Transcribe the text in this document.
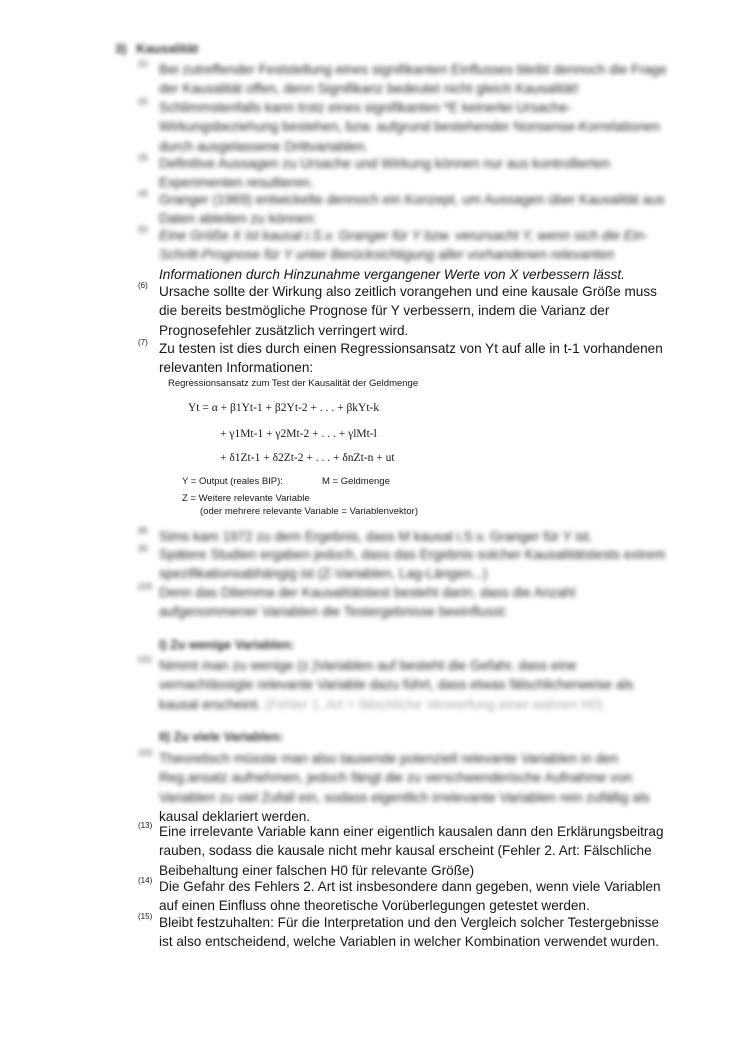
3) Kausalität
(1) Bei zutreffender Feststellung eines signifikanten Einflusses bleibt dennoch die Frage
der Kausalität offen, denn Signifikanz bedeutet nicht gleich Kausalität!
(2) Schlimmstenfalls kann trotz eines signifikanten *E keinerlei Ursache-
Wirkungsbeziehung bestehen, bzw. aufgrund bestehender Nonsense-Korrelationen
durch ausgelassene Drittvariablen.
(3) Definitive Aussagen zu Ursache und Wirkung können nur aus kontrollierten
Experimenten resultieren.
(4) Granger (1969) entwickelte dennoch ein Konzept, um Aussagen über Kausalität aus
Daten ableiten zu können:
(5) Eine Größe X ist kausal i.S.v. Granger für Y bzw. verursacht Y, wenn sich die Ein-
Schritt-Prognose für Y unter Berücksichtigung aller vorhandenen relevanten
Informationen durch Hinzunahme vergangener Werte von X verbessern lässt.
(6) Ursache sollte der Wirkung also zeitlich vorangehen und eine kausale Größe muss
die bereits bestmögliche Prognose für Y verbessern, indem die Varianz der
Prognosefehler zusätzlich verringert wird.
(7) Zu testen ist dies durch einen Regressionsansatz von Yt auf alle in t-1 vorhandenen
relevanten Informationen:
Regressionsansatz zum Test der Kausalität der Geldmenge
Yt = α + β1Yt-1 + β2Yt-2 + . . . + βkYt-k
+ γ1Mt-1 + γ2Mt-2 + . . . + γlMt-l
+ δ1Zt-1 + δ2Zt-2 + . . . + δnZt-n + ut
Y = Output (reales BIP):	M = Geldmenge
Z = Weitere relevante Variable
(oder mehrere relevante Variable = Variablenvektor)
(8) Sims kam 1972 zu dem Ergebnis, dass M kausal i.S.v. Granger für Y ist.
(9) Spätere Studien ergaben jedoch, dass das Ergebnis solcher Kausalitätstests extrem
spezifikationsabhängig ist (Z-Variablen, Lag-Längen...)
(10) Denn das Dilemma der Kausalitätstest besteht darin, dass die Anzahl
aufgenommener Variablen die Testergebnisse beeinflusst:
I) Zu wenige Variablen:
(11) Nimmt man zu wenige (z.)Variablen auf besteht die Gefahr, dass eine
vernachlässigte relevante Variable dazu führt, dass etwas fälschlicherweise als
kausal erscheint. (Fehler 1. Art = fälschliche Verwerfung einer wahren H0)
II) Zu viele Variablen:
(12) Theoretisch müsste man also tausende potenziell relevante Variablen in den
Reg.ansatz aufnehmen, jedoch fängt die zu verschwenderische Aufnahme von
Variablen zu viel Zufall ein, sodass eigentlich irrelevante Variablen rein zufällig als
kausal deklariert werden.
(13) Eine irrelevante Variable kann einer eigentlich kausalen dann den Erklärungsbeitrag
rauben, sodass die kausale nicht mehr kausal erscheint (Fehler 2. Art: Fälschliche
Beibehaltung einer falschen H0 für relevante Größe)
(14) Die Gefahr des Fehlers 2. Art ist insbesondere dann gegeben, wenn viele Variablen
auf einen Einfluss ohne theoretische Vorüberlegungen getestet werden.
(15) Bleibt festzuhalten: Für die Interpretation und den Vergleich solcher Testergebnisse
ist also entscheidend, welche Variablen in welcher Kombination verwendet wurden.
